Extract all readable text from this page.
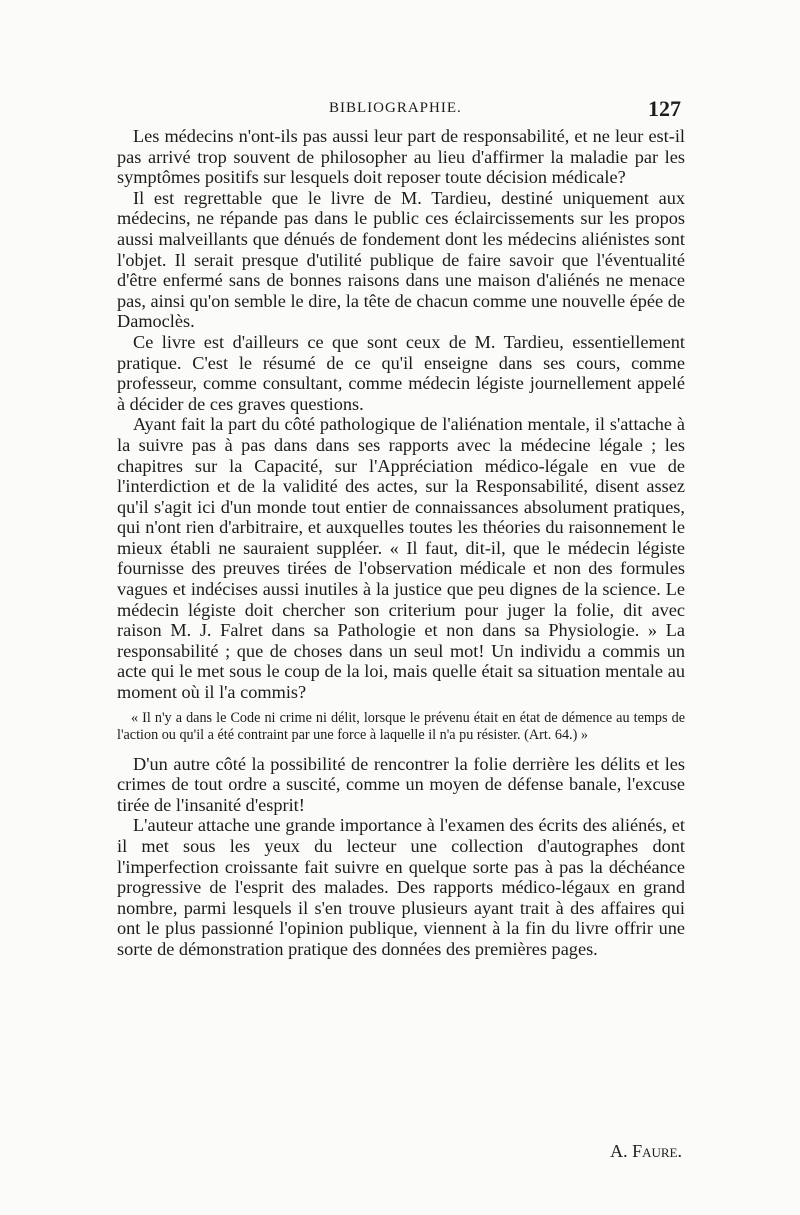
BIBLIOGRAPHIE.	127

Les médecins n'ont-ils pas aussi leur part de responsabilité, et ne leur est-il pas arrivé trop souvent de philosopher au lieu d'affirmer la maladie par les symptômes positifs sur lesquels doit reposer toute décision médicale?

Il est regrettable que le livre de M. Tardieu, destiné uniquement aux médecins, ne répande pas dans le public ces éclaircissements sur les propos aussi malveillants que dénués de fondement dont les médecins aliénistes sont l'objet. Il serait presque d'utilité publique de faire savoir que l'éventualité d'être enfermé sans de bonnes raisons dans une maison d'aliénés ne menace pas, ainsi qu'on semble le dire, la tête de chacun comme une nouvelle épée de Damoclès.

Ce livre est d'ailleurs ce que sont ceux de M. Tardieu, essentiellement pratique. C'est le résumé de ce qu'il enseigne dans ses cours, comme professeur, comme consultant, comme médecin légiste journellement appelé à décider de ces graves questions.

Ayant fait la part du côté pathologique de l'aliénation mentale, il s'attache à la suivre pas à pas dans dans ses rapports avec la médecine légale ; les chapitres sur la Capacité, sur l'Appréciation médico-légale en vue de l'interdiction et de la validité des actes, sur la Responsabilité, disent assez qu'il s'agit ici d'un monde tout entier de connaissances absolument pratiques, qui n'ont rien d'arbitraire, et auxquelles toutes les théories du raisonnement le mieux établi ne sauraient suppléer. « Il faut, dit-il, que le médecin légiste fournisse des preuves tirées de l'observation médicale et non des formules vagues et indécises aussi inutiles à la justice que peu dignes de la science. Le médecin légiste doit chercher son criterium pour juger la folie, dit avec raison M. J. Falret dans sa Pathologie et non dans sa Physiologie. » La responsabilité ; que de choses dans un seul mot! Un individu a commis un acte qui le met sous le coup de la loi, mais quelle était sa situation mentale au moment où il l'a commis?

« Il n'y a dans le Code ni crime ni délit, lorsque le prévenu était en état de démence au temps de l'action ou qu'il a été contraint par une force à laquelle il n'a pu résister. (Art. 64.) »

D'un autre côté la possibilité de rencontrer la folie derrière les délits et les crimes de tout ordre a suscité, comme un moyen de défense banale, l'excuse tirée de l'insanité d'esprit!

L'auteur attache une grande importance à l'examen des écrits des aliénés, et il met sous les yeux du lecteur une collection d'autographes dont l'imperfection croissante fait suivre en quelque sorte pas à pas la déchéance progressive de l'esprit des malades. Des rapports médico-légaux en grand nombre, parmi lesquels il s'en trouve plusieurs ayant trait à des affaires qui ont le plus passionné l'opinion publique, viennent à la fin du livre offrir une sorte de démonstration pratique des données des premières pages.

A. Faure.
